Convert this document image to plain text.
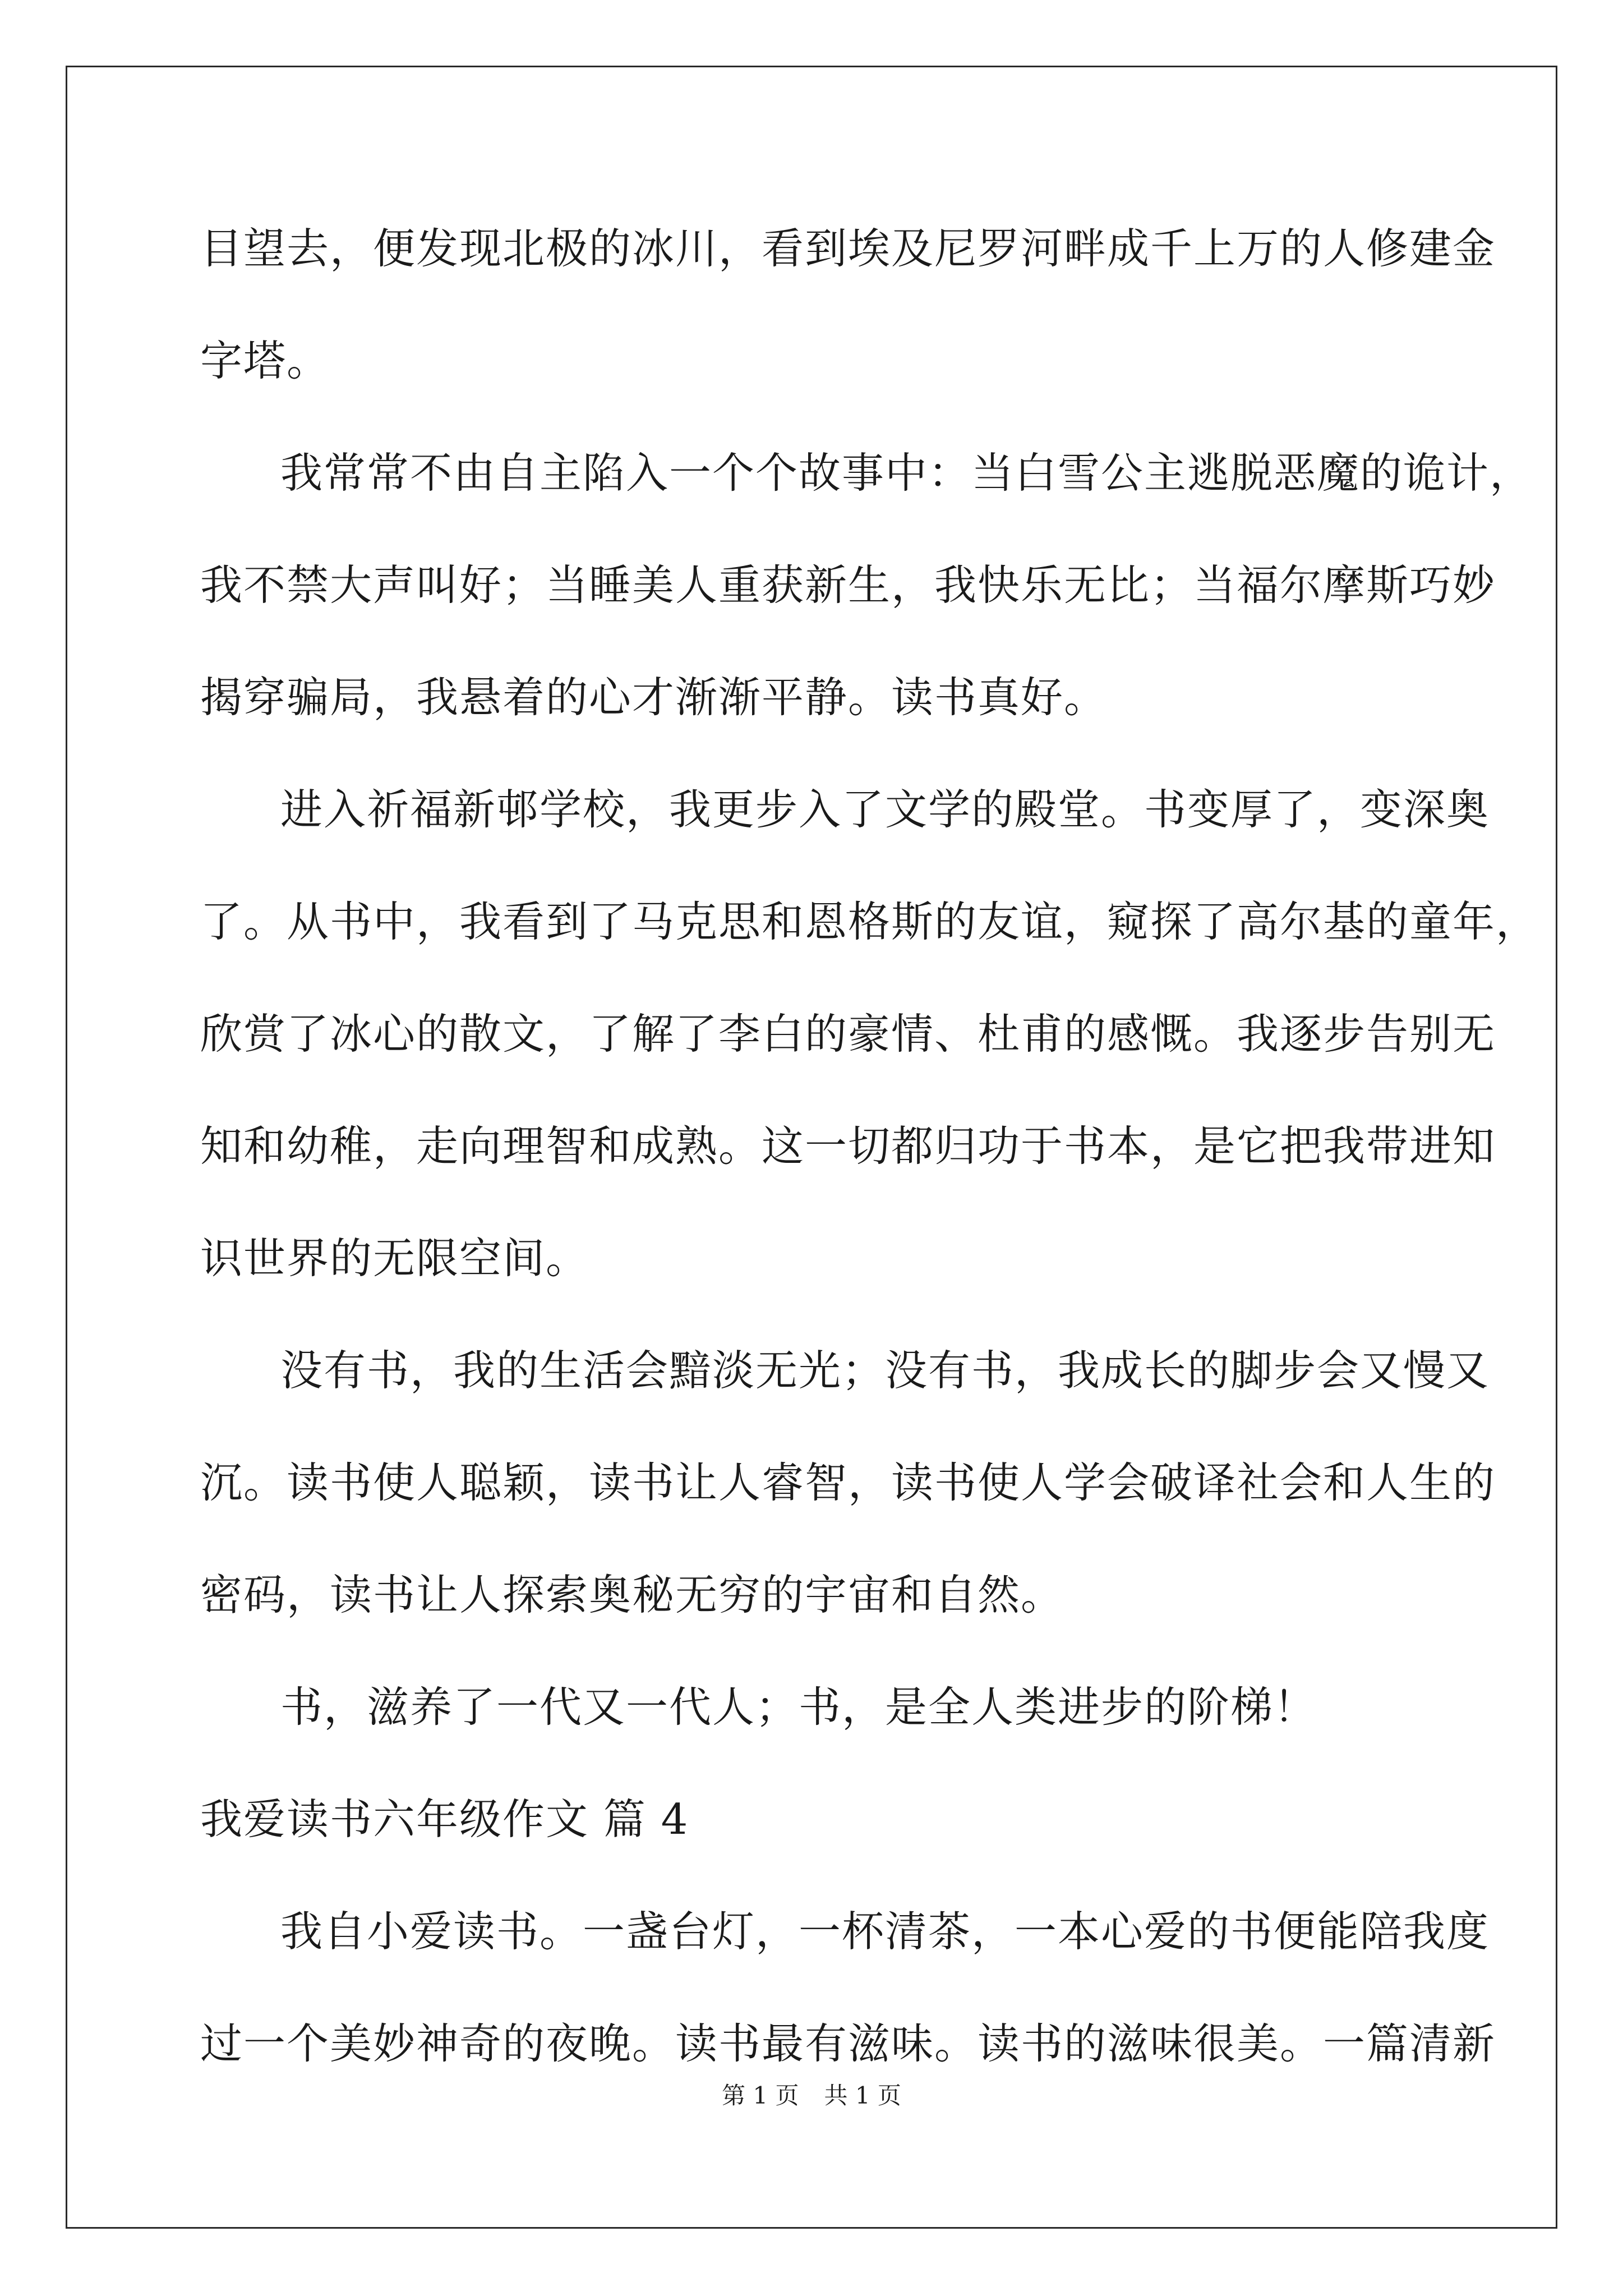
目望去，便发现北极的冰川，看到埃及尼罗河畔成千上万的人修建金
字塔。
我常常不由自主陷入一个个故事中：当白雪公主逃脱恶魔的诡计，
我不禁大声叫好；当睡美人重获新生，我快乐无比；当福尔摩斯巧妙
揭穿骗局，我悬着的心才渐渐平静。读书真好。
进入祈福新邨学校，我更步入了文学的殿堂。书变厚了，变深奥
了。从书中，我看到了马克思和恩格斯的友谊，窥探了高尔基的童年，
欣赏了冰心的散文，了解了李白的豪情、杜甫的感慨。我逐步告别无
知和幼稚，走向理智和成熟。这一切都归功于书本，是它把我带进知
识世界的无限空间。
没有书，我的生活会黯淡无光；没有书，我成长的脚步会又慢又
沉。读书使人聪颖，读书让人睿智，读书使人学会破译社会和人生的
密码，读书让人探索奥秘无穷的宇宙和自然。
书，滋养了一代又一代人；书，是全人类进步的阶梯！
我爱读书六年级作文 篇 4
我自小爱读书。一盏台灯，一杯清茶，一本心爱的书便能陪我度
过一个美妙神奇的夜晚。读书最有滋味。读书的滋味很美。一篇清新
第 1 页 共 1 页
